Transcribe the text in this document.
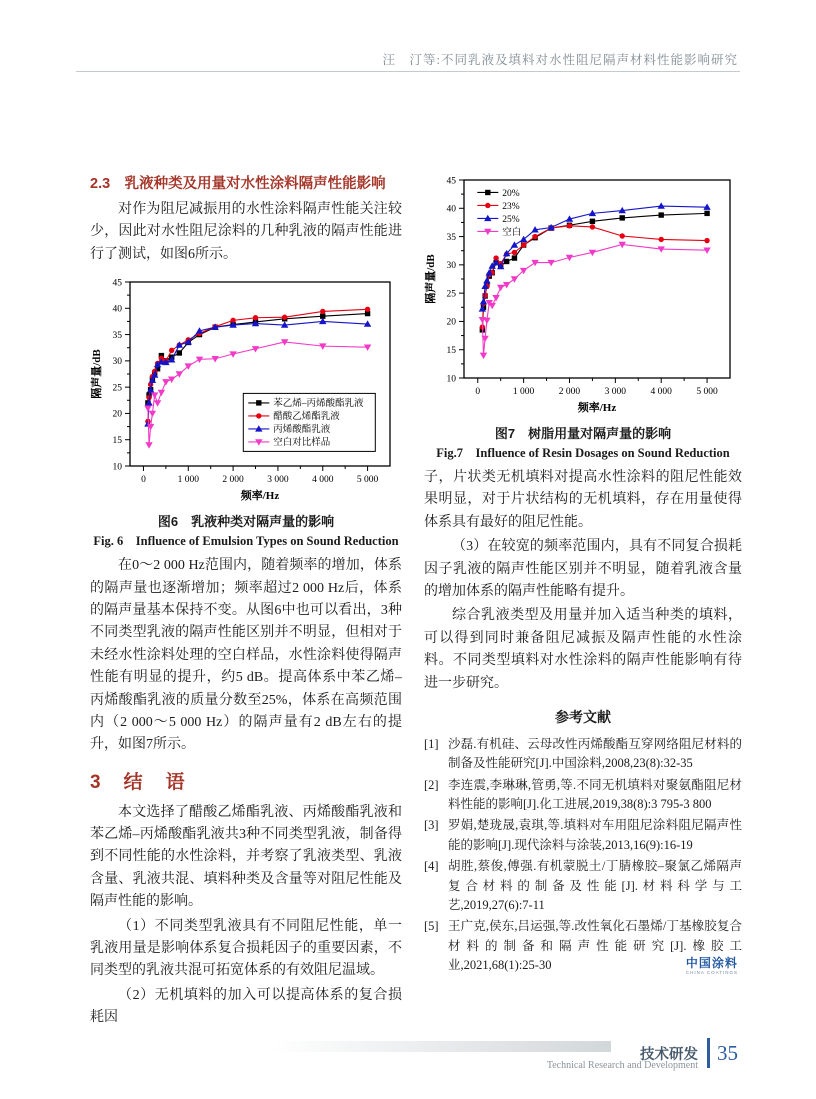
汪　汀等:不同乳液及填料对水性阻尼隔声材料性能影响研究
2.3　乳液种类及用量对水性涂料隔声性能影响

对作为阻尼减振用的水性涂料隔声性能关注较少，因此对水性阻尼涂料的几种乳液的隔声性能进行了测试，如图6所示。

0	1 000 2 000 3 000 4 000 5 000
10
15
20
25
30
35
40
45
频率/Hz
隔声量/dB
苯乙烯–丙烯酸酯乳液
醋酸乙烯酯乳液
丙烯酸酯乳液
空白对比样品
图6　乳液种类对隔声量的影响
Fig. 6　Influence of Emulsion Types on Sound Reduction

在0～2 000 Hz范围内，随着频率的增加，体系的隔声量也逐渐增加；频率超过2 000 Hz后，体系的隔声量基本保持不变。从图6中也可以看出，3种不同类型乳液的隔声性能区别并不明显，但相对于未经水性涂料处理的空白样品，水性涂料使得隔声性能有明显的提升，约5 dB。提高体系中苯乙烯–丙烯酸酯乳液的质量分数至25%，体系在高频范围内（2 000～5 000 Hz）的隔声量有2 dB左右的提升，如图7所示。

3　结　语

本文选择了醋酸乙烯酯乳液、丙烯酸酯乳液和苯乙烯–丙烯酸酯乳液共3种不同类型乳液，制备得到不同性能的水性涂料，并考察了乳液类型、乳液含量、乳液共混、填料种类及含量等对阻尼性能及隔声性能的影响。

（1）不同类型乳液具有不同阻尼性能，单一乳液用量是影响体系复合损耗因子的重要因素，不同类型的乳液共混可拓宽体系的有效阻尼温域。

（2）无机填料的加入可以提高体系的复合损耗因

0	1 000	2 000	3 000	4 000	5 000
10
15
20
25
30
35
40
45
频率/Hz
隔声量/dB
20%
23%
25%
空白
图7　树脂用量对隔声量的影响
Fig.7　Influence of Resin Dosages on Sound Reduction

子，片状类无机填料对提高水性涂料的阻尼性能效果明显，对于片状结构的无机填料，存在用量使得体系具有最好的阻尼性能。

（3）在较宽的频率范围内，具有不同复合损耗因子乳液的隔声性能区别并不明显，随着乳液含量的增加体系的隔声性能略有提升。

综合乳液类型及用量并加入适当种类的填料，可以得到同时兼备阻尼减振及隔声性能的水性涂料。不同类型填料对水性涂料的隔声性能影响有待进一步研究。

参考文献
[1] 沙磊.有机硅、云母改性丙烯酸酯互穿网络阻尼材料的制备及性能研究[J].中国涂料,2008,23(8):32-35
[2] 李连震,李琳琳,管勇,等.不同无机填料对聚氨酯阻尼材料性能的影响[J].化工进展,2019,38(8):3 795-3 800
[3] 罗娟,楚珑晟,袁琪,等.填料对车用阻尼涂料阻尼隔声性能的影响[J].现代涂料与涂装,2013,16(9):16-19
[4] 胡胜,蔡俊,傅强.有机蒙脱土/丁腈橡胶–聚氯乙烯隔声复合材料的制备及性能[J].材料科学与工艺,2019,27(6):7-11
[5] 王广克,侯东,吕运强,等.改性氧化石墨烯/丁基橡胶复合材料的制备和隔声性能研究[J].橡胶工业,2021,68(1):25-30	中国涂料
CHINA COATINGS
技术研发 35
Technical Research and Development
